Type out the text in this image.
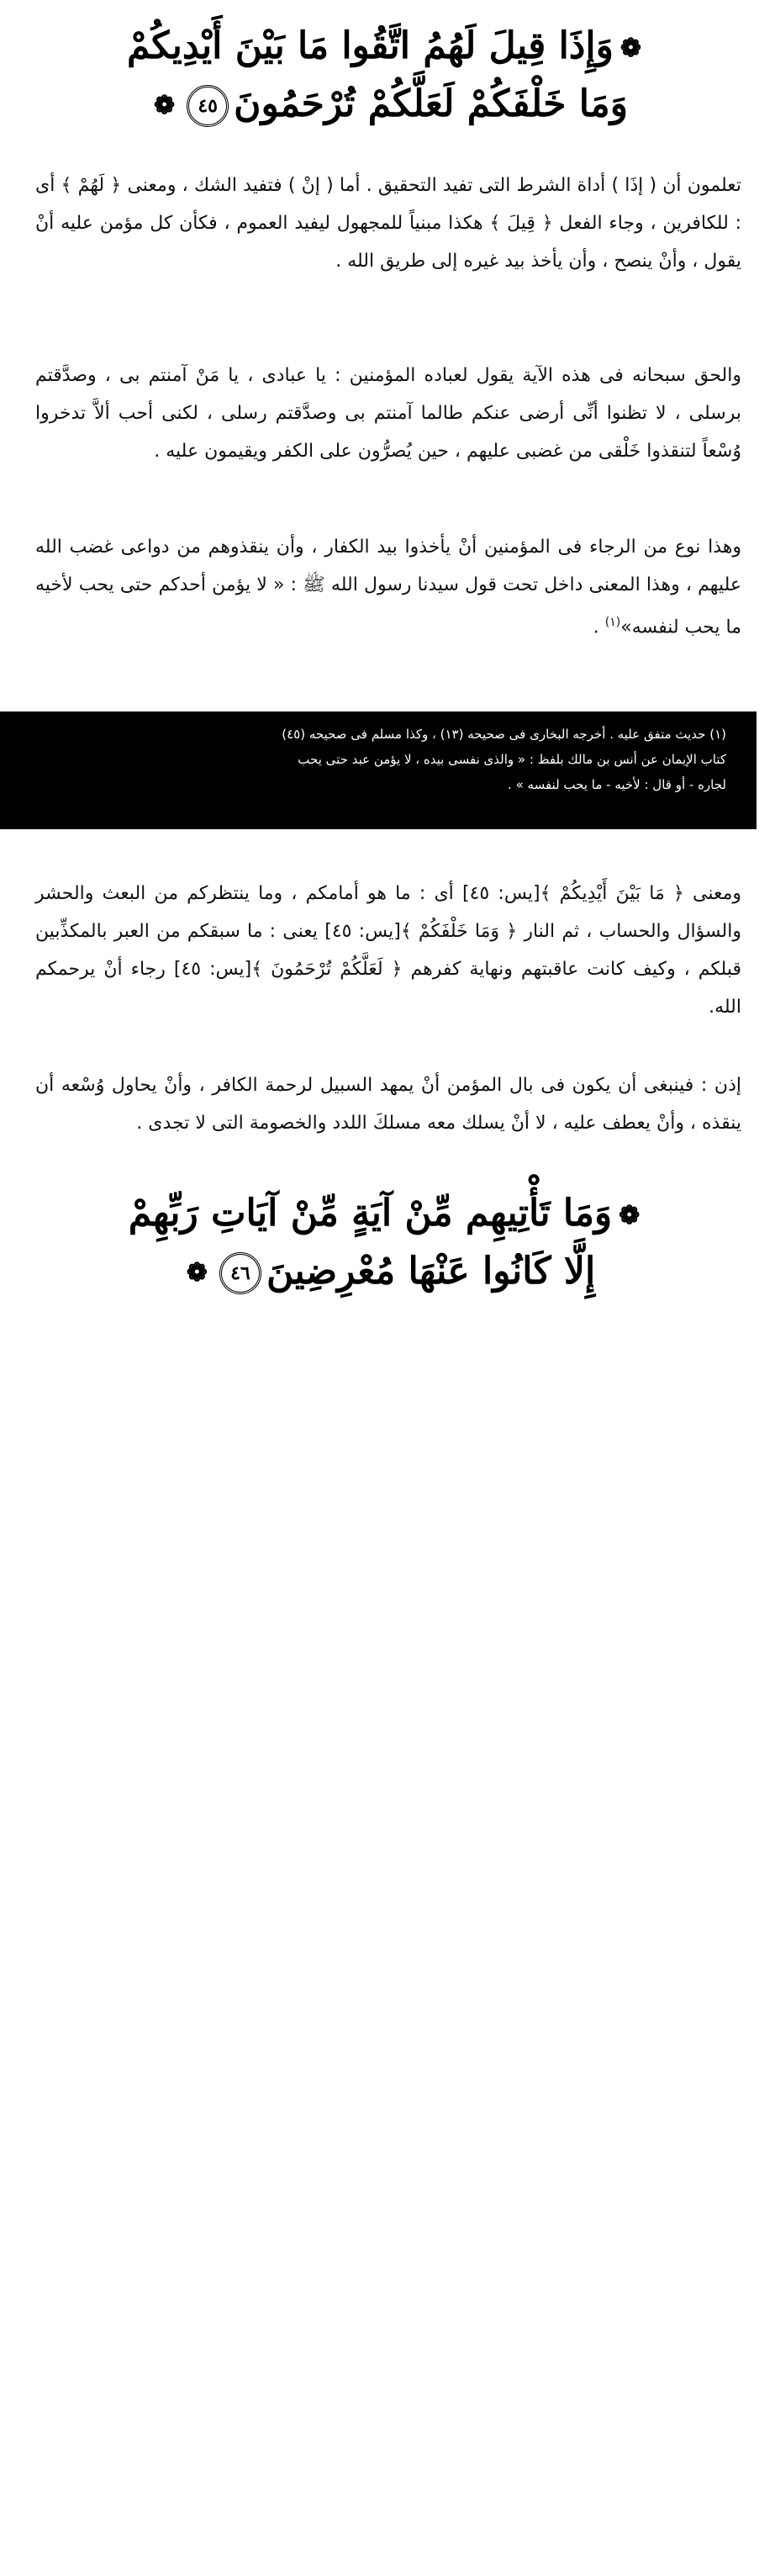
❁وَإِذَا قِيلَ لَهُمُ اتَّقُوا مَا بَيْنَ أَيْدِيكُمْ
وَمَا خَلْفَكُمْ لَعَلَّكُمْ تُرْحَمُونَ٤٥❁
تعلمون أن ( إذَا ) أداة الشرط التى تفيد التحقيق . أما ( إنْ ) فتفيد الشك ، ومعنى ﴿ لَهُمْ ﴾ أى : للكافرين ، وجاء الفعل ﴿ قِيلَ ﴾ هكذا مبنياً للمجهول ليفيد العموم ، فكأن كل مؤمن عليه أنْ يقول ، وأنْ ينصح ، وأن يأخذ بيد غيره إلى طريق الله .
والحق سبحانه فى هذه الآية يقول لعباده المؤمنين : يا عبادى ، يا مَنْ آمنتم بى ، وصدَّقتم برسلى ، لا تظنوا أنِّى أرضى عنكم طالما آمنتم بى وصدَّقتم رسلى ، لكنى أحب ألاَّ تدخروا وُسْعاً لتنقذوا خَلْقى من غضبى عليهم ، حين يُصرُّون على الكفر ويقيمون عليه .
وهذا نوع من الرجاء فى المؤمنين أنْ يأخذوا بيد الكفار ، وأن ينقذوهم من دواعى غضب الله عليهم ، وهذا المعنى داخل تحت قول سيدنا رسول الله ﷺ : « لا يؤمن أحدكم حتى يحب لأخيه ما يحب لنفسه»$^{(١)}$ .
(١) حديث متفق عليه . أخرجه البخارى فى صحيحه (١٣) ، وكذا مسلم فى صحيحه (٤٥)
كتاب الإيمان عن أنس بن مالك بلفظ : « والذى نفسى بيده ، لا يؤمن عبد حتى يحب
لجاره - أو قال : لأخيه - ما يحب لنفسه » .
ومعنى ﴿ مَا بَيْنَ أَيْدِيكُمْ ﴾[يس: ٤٥] أى : ما هو أمامكم ، وما ينتظركم من البعث والحشر والسؤال والحساب ، ثم النار ﴿ وَمَا خَلْفَكُمْ ﴾[يس: ٤٥] يعنى : ما سبقكم من العبر بالمكذِّبين قبلكم ، وكيف كانت عاقبتهم ونهاية كفرهم ﴿ لَعَلَّكُمْ تُرْحَمُونَ ﴾[يس: ٤٥] رجاء أنْ يرحمكم الله.
إذن : فينبغى أن يكون فى بال المؤمن أنْ يمهد السبيل لرحمة الكافر ، وأنْ يحاول وُسْعه أن ينقذه ، وأنْ يعطف عليه ، لا أنْ يسلك معه مسلكَ اللدد والخصومة التى لا تجدى .
❁وَمَا تَأْتِيهِم مِّنْ آيَةٍ مِّنْ آيَاتِ رَبِّهِمْ
إِلَّا كَانُوا عَنْهَا مُعْرِضِينَ٤٦❁
